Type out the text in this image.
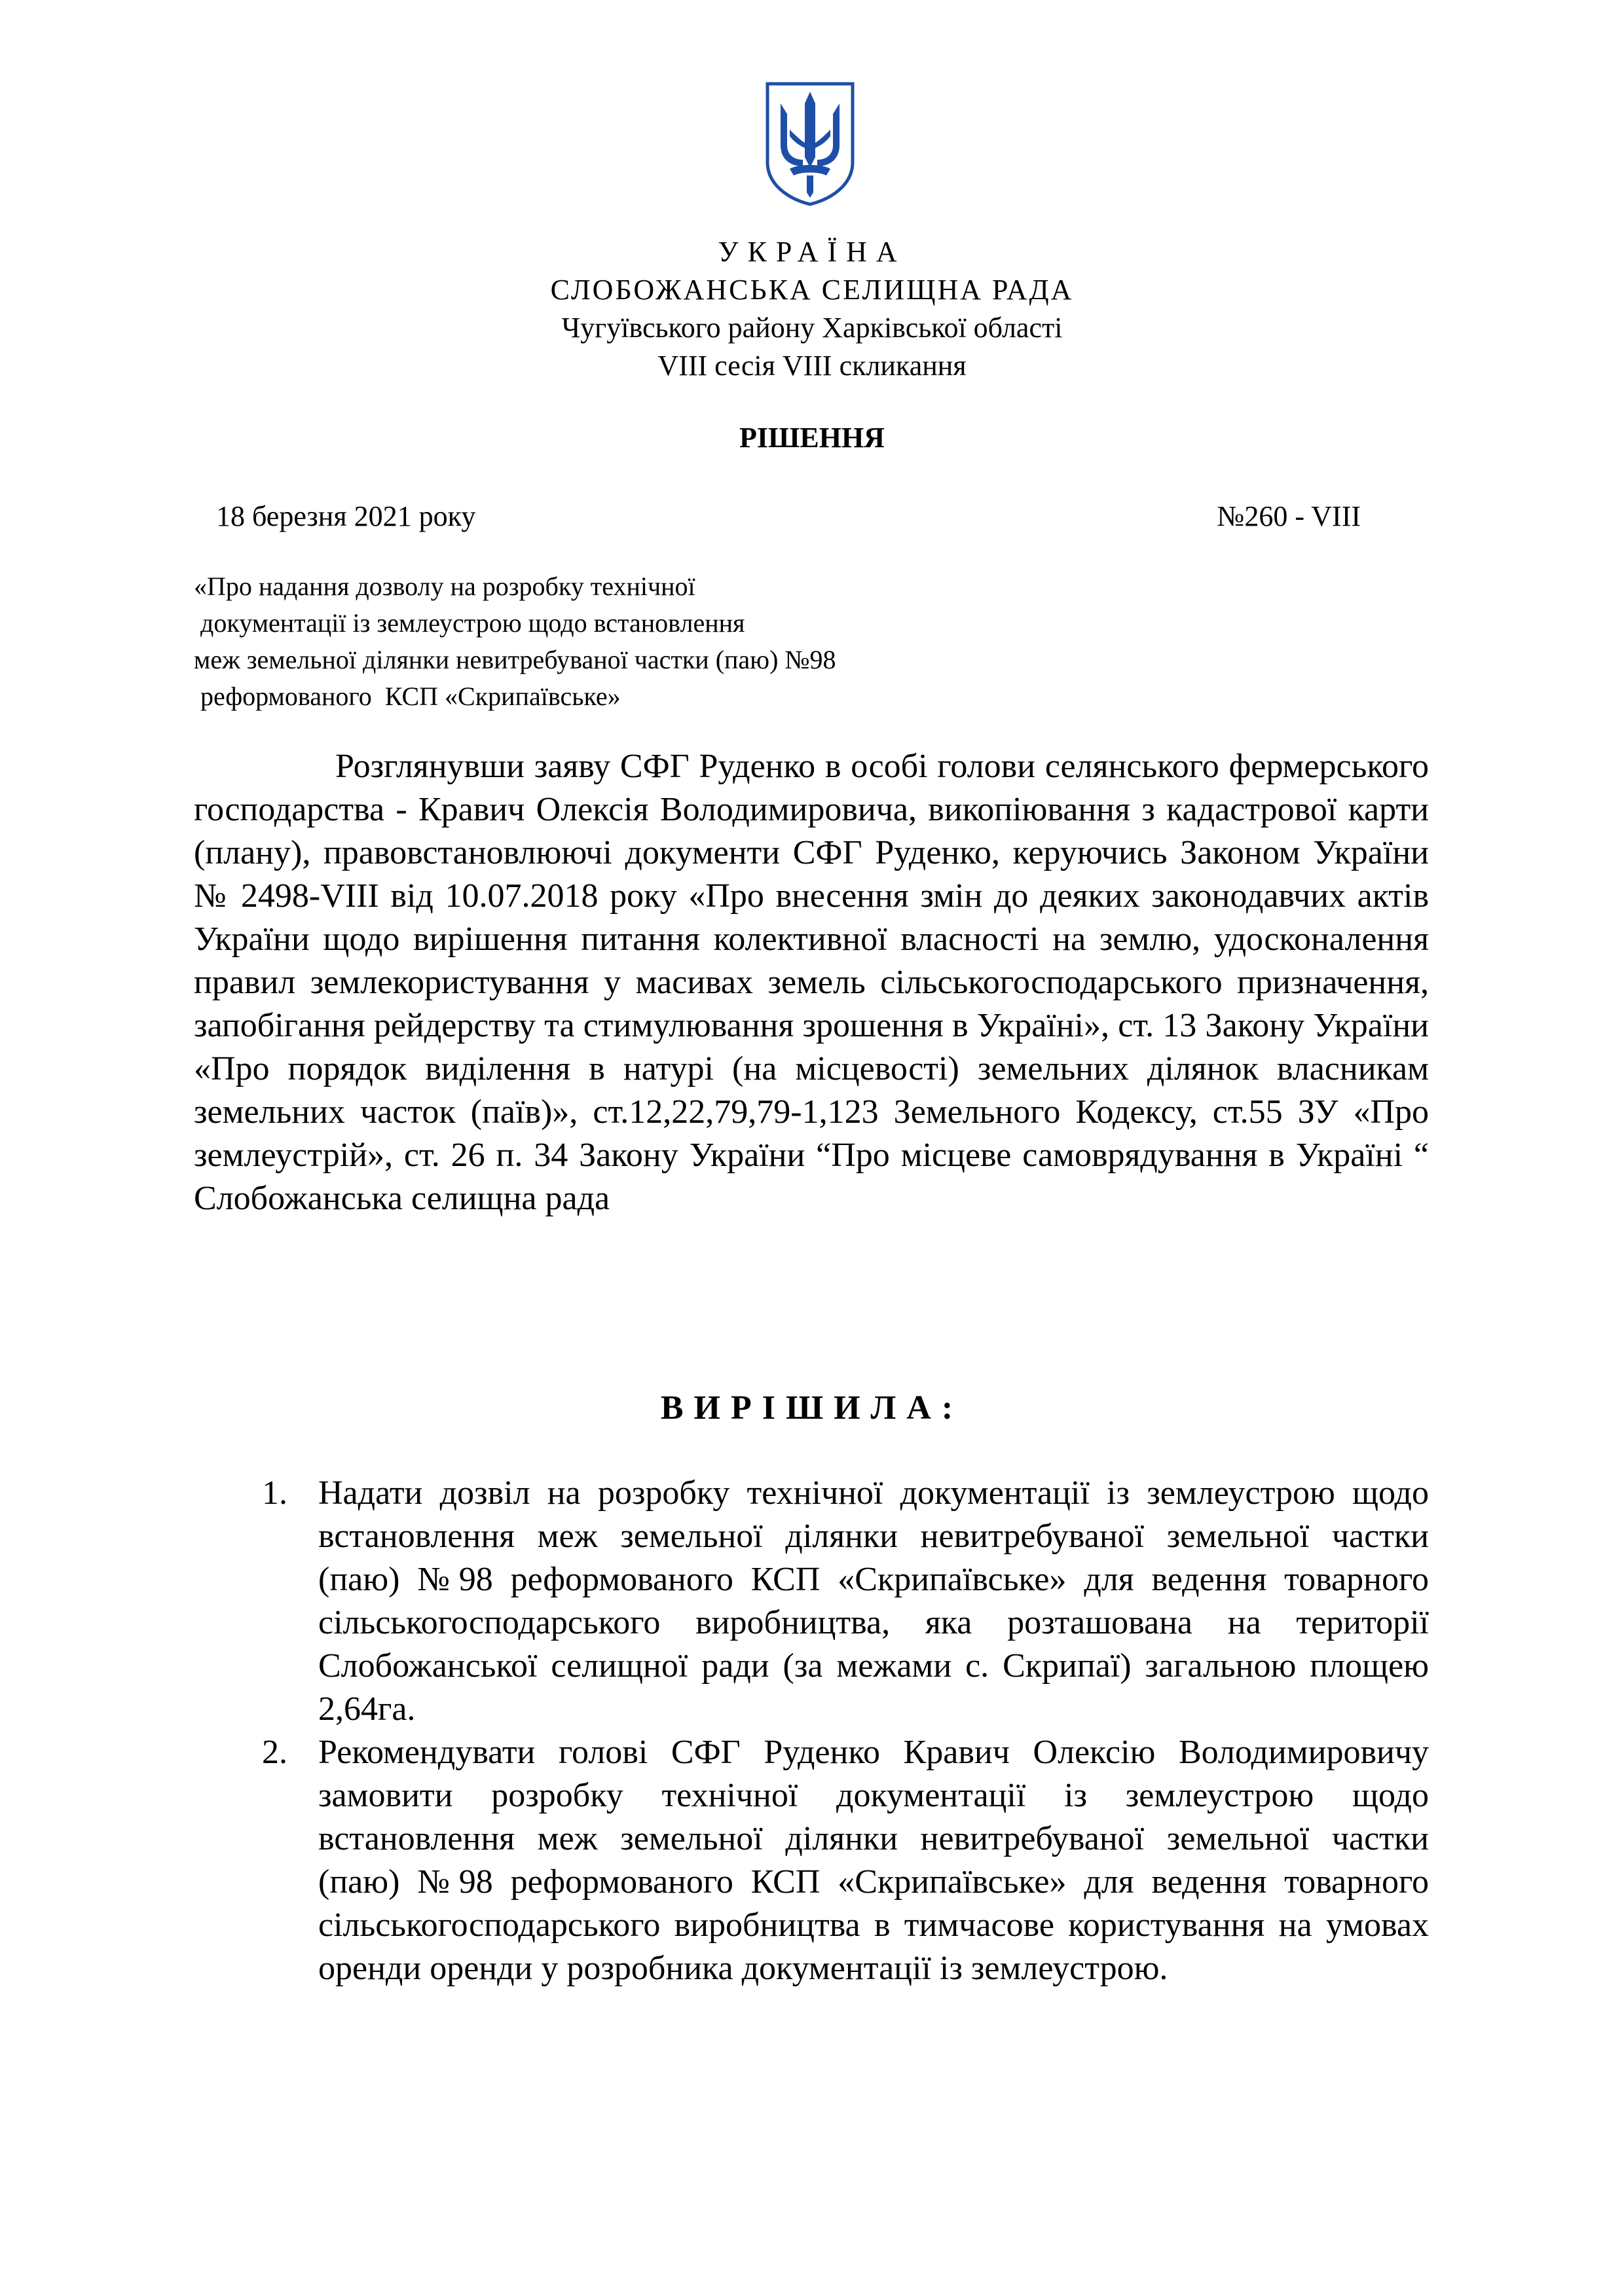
УКРАЇНА
СЛОБОЖАНСЬКА СЕЛИЩНА РАДА
Чугуївського району Харківської області
VIII сесія VIII скликання
РІШЕННЯ
18 березня 2021 року	№260 - VIII
«Про надання дозволу на розробку технічної
документації із землеустрою щодо встановлення
меж земельної ділянки невитребуваної частки (паю) №98
реформованого  КСП «Скрипаївське»
Розглянувши заяву СФГ Руденко в особі голови селянського фермерського господарства - Кравич Олексія Володимировича, викопіювання з кадастрової карти (плану), правовстановлюючі документи СФГ Руденко, керуючись Законом України № 2498-VIII від 10.07.2018 року «Про внесення змін до деяких законодавчих актів України щодо вирішення питання колективної власності на землю, удосконалення правил землекористування у масивах земель сільськогосподарського призначення, запобігання рейдерству та стимулювання зрошення в Україні», ст. 13 Закону України «Про порядок виділення в натурі (на місцевості) земельних ділянок власникам земельних часток (паїв)», ст.12,22,79,79-1,123 Земельного Кодексу, ст.55 ЗУ «Про землеустрій», ст. 26 п. 34 Закону України “Про місцеве самоврядування в Україні “ Слобожанська селищна рада
ВИРІШИЛА:
1. Надати дозвіл на розробку технічної документації із землеустрою щодо встановлення меж земельної ділянки невитребуваної земельної частки (паю) №98 реформованого КСП «Скрипаївське» для ведення товарного сільськогосподарського виробництва, яка розташована на території Слобожанської селищної ради (за межами с. Скрипаї) загальною площею 2,64га.
2. Рекомендувати голові СФГ Руденко Кравич Олексію Володимировичу замовити розробку технічної документації із землеустрою щодо встановлення меж земельної ділянки невитребуваної земельної частки (паю) №98 реформованого КСП «Скрипаївське» для ведення товарного сільськогосподарського виробництва в тимчасове користування на умовах оренди оренди у розробника документації із землеустрою.
